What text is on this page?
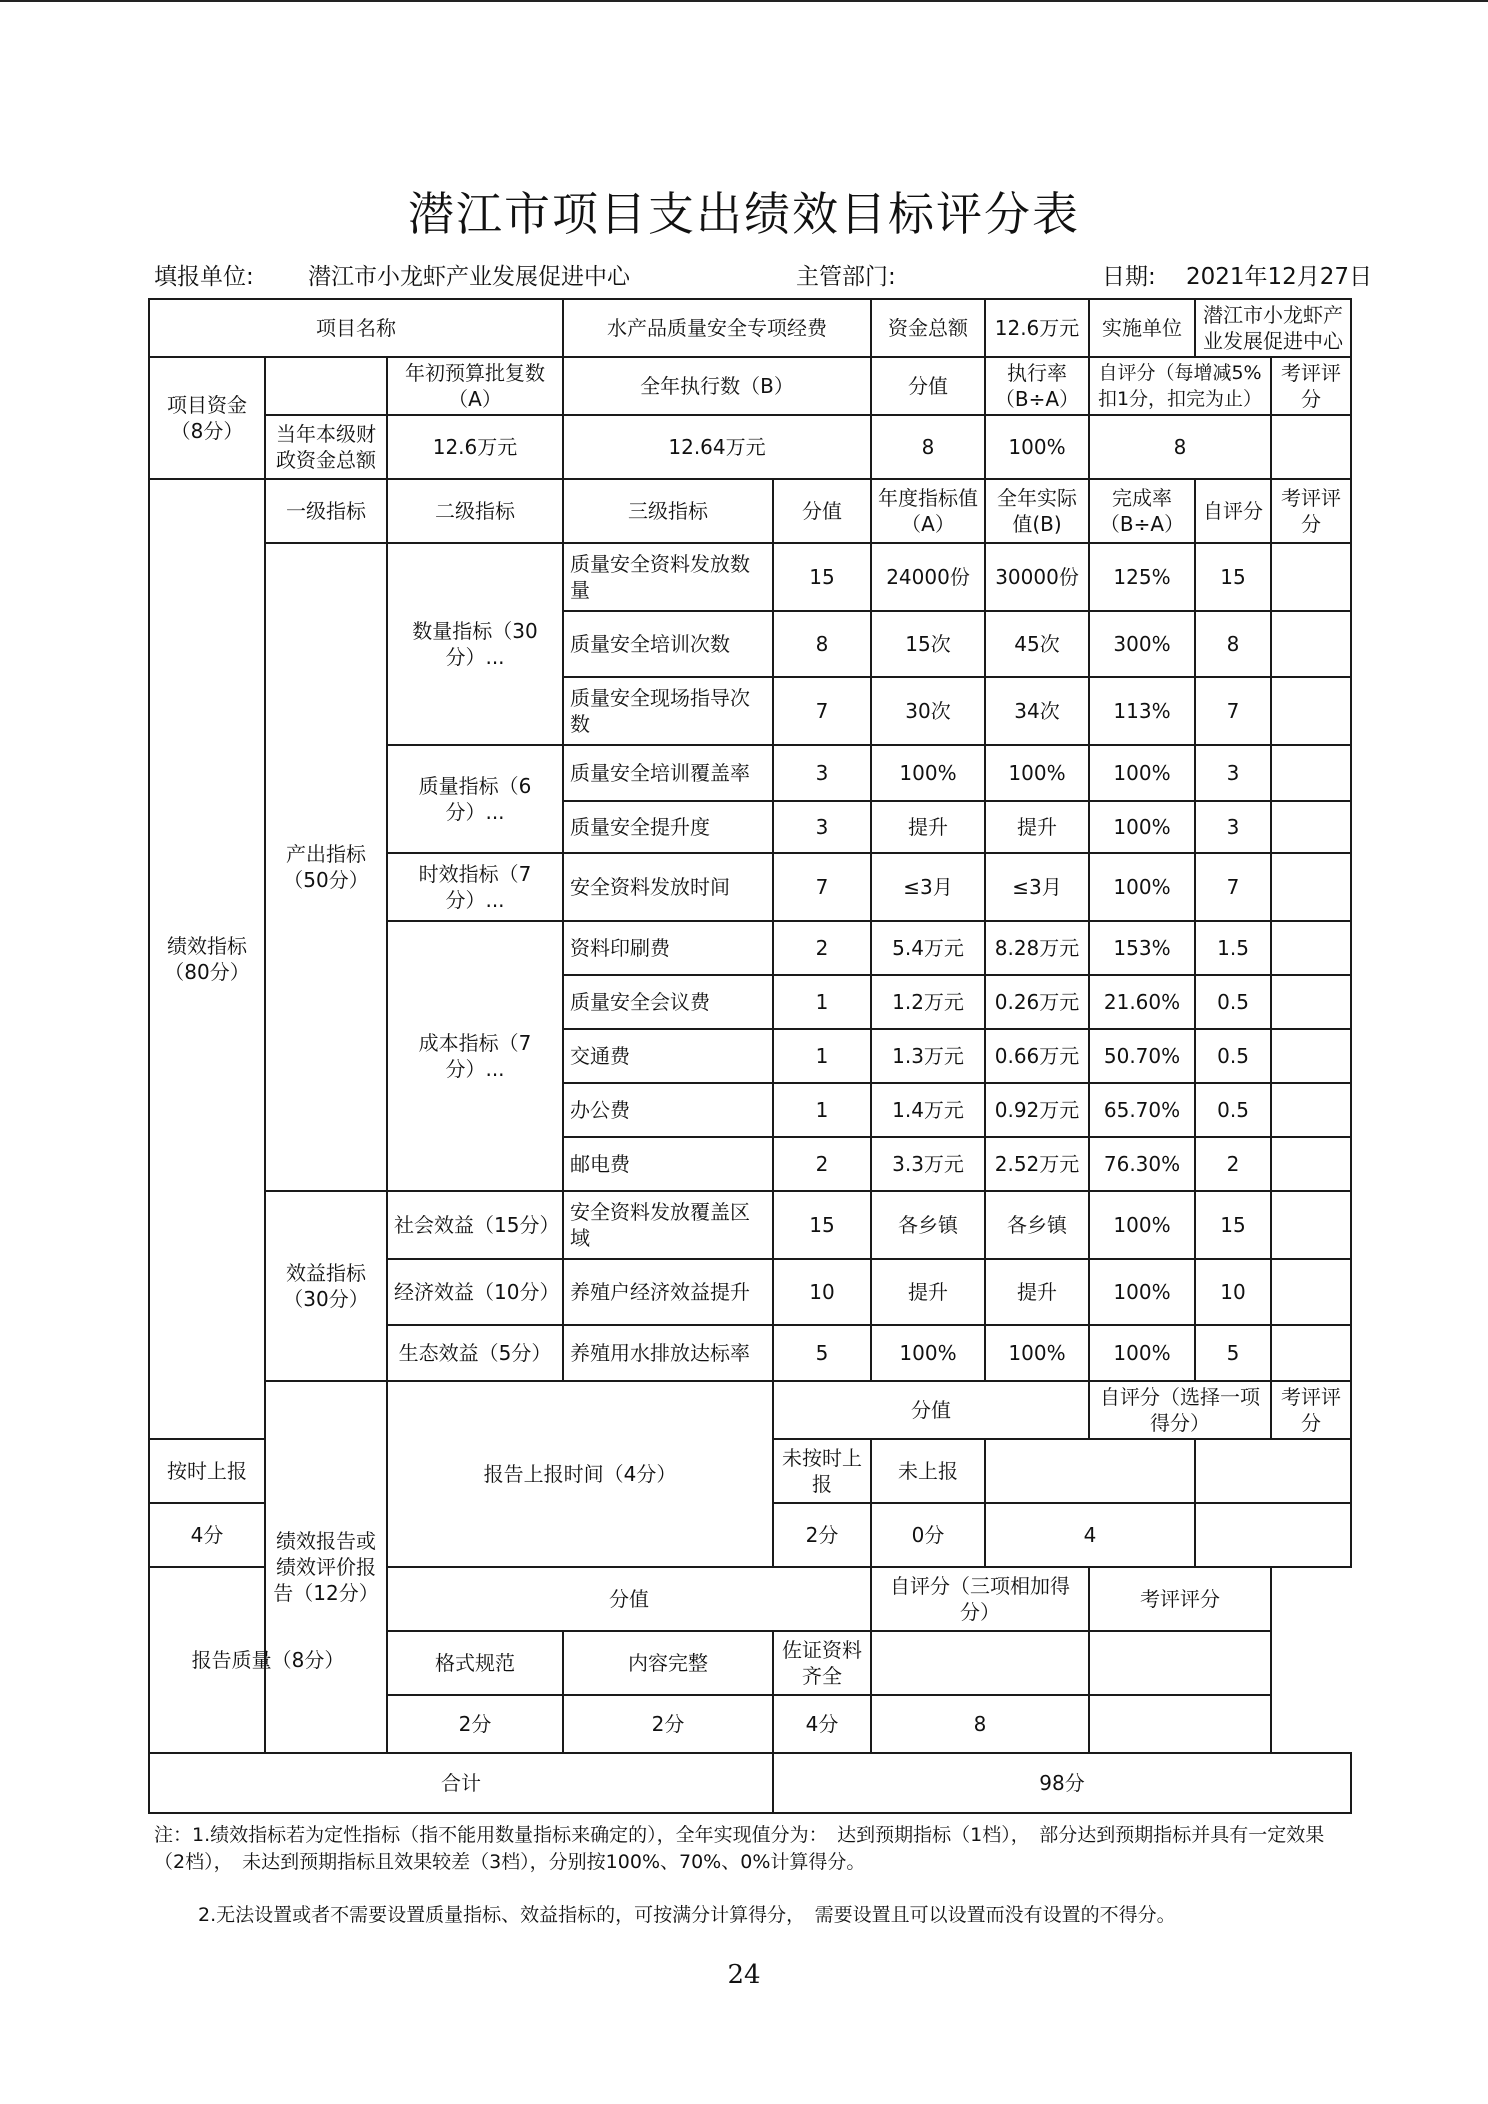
潜江市项目支出绩效目标评分表
填报单位: 潜江市小龙虾产业发展促进中心	主管部门:	日期: 2021年12月27日
项目名称			水产品质量安全专项经费		资金总额	12.6万元	实施单位	潜江市小龙虾产业发展促进中心		
项目资金（8分）		年初预算批复数（A）	全年执行数（B）		分值	执行率（B÷A）	自评分（每增减5%扣1分，扣完为止）		考评评分	
	当年本级财政资金总额	12.6万元	12.64万元		8	100%	8			
绩效指标（80分）	一级指标	二级指标	三级指标	分值	年度指标值（A）	全年实际值(B)	完成率（B÷A）	自评分	考评评分	
	产出指标（50分）	数量指标（30分）...	质量安全资料发放数量	15	24000份	30000份	125%	15		
			质量安全培训次数	8	15次	45次	300%	8		
			质量安全现场指导次数	7	30次	34次	113%	7		
		质量指标（6分）...	质量安全培训覆盖率	3	100%	100%	100%	3		
			质量安全提升度	3	提升	提升	100%	3		
		时效指标（7分）...	安全资料发放时间	7	≤3月	≤3月	100%	7		
		成本指标（7分）...	资料印刷费	2	5.4万元	8.28万元	153%	1.5		
			质量安全会议费	1	1.2万元	0.26万元	21.60%	0.5		
			交通费	1	1.3万元	0.66万元	50.70%	0.5		
			办公费	1	1.4万元	0.92万元	65.70%	0.5		
			邮电费	2	3.3万元	2.52万元	76.30%	2		
	效益指标（30分）	社会效益（15分）	安全资料发放覆盖区域	15	各乡镇	各乡镇	100%	15		
		经济效益（10分）	养殖户经济效益提升	10	提升	提升	100%	10		
		生态效益（5分）	养殖用水排放达标率	5	100%	100%	100%	5		
	绩效报告或绩效评价报告（12分）	报告上报时间（4分）		分值			自评分（选择一项得分）		考评评分	
按时上报				未按时上报	未上报					
4分				2分	0分	4				
报告质量（8分）		分值			自评分（三项相加得分）		考评评分			
		格式规范	内容完整	佐证资料齐全						
		2分	2分	4分	8					
合计				98分						
注：1.绩效指标若为定性指标（指不能用数量指标来确定的），全年实现值分为：　达到预期指标（1档），　部分达到预期指标并具有一定效果（2档），　未达到预期指标且效果较差（3档），分别按100%、70%、0%计算得分。
2.无法设置或者不需要设置质量指标、效益指标的，可按满分计算得分，　需要设置且可以设置而没有设置的不得分。
24
